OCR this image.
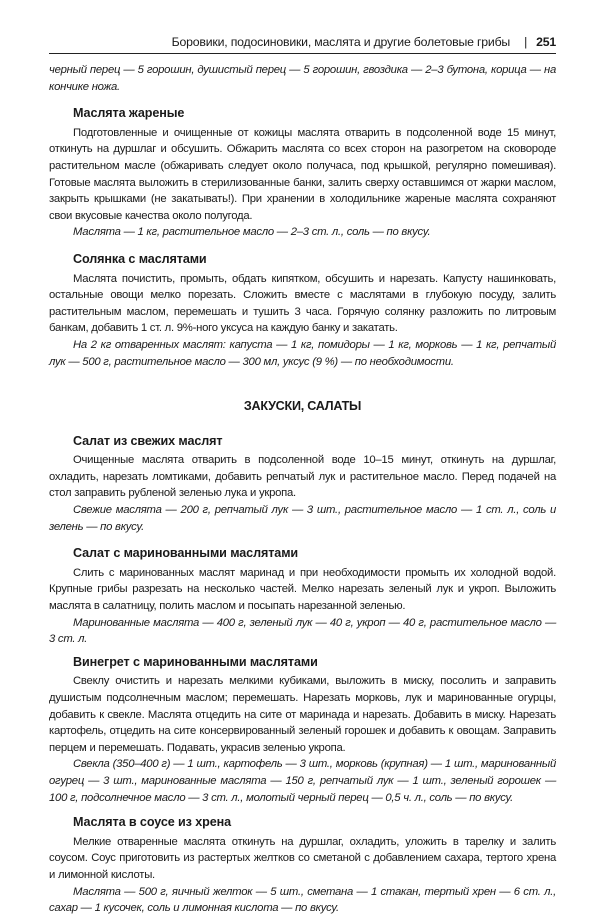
Боровики, подосиновики, маслята и другие болетовые грибы | 251

черный перец — 5 горошин, душистый перец — 5 горошин, гвоздика — 2–3 бутона, корица — на кончике ножа.

Маслята жареные

Подготовленные и очищенные от кожицы маслята отварить в подсоленной воде 15 минут, откинуть на дуршлаг и обсушить. Обжарить маслята со всех сторон на разогретом на сковороде растительном масле (обжаривать следует около получаса, под крышкой, регулярно помешивая). Готовые маслята выложить в стерилизованные банки, залить сверху оставшимся от жарки маслом, закрыть крышками (не закатывать!). При хранении в холодильнике жареные маслята сохраняют свои вкусовые качества около полугода.

Маслята — 1 кг, растительное масло — 2–3 ст. л., соль — по вкусу.

Солянка с маслятами

Маслята почистить, промыть, обдать кипятком, обсушить и нарезать. Капусту нашинковать, остальные овощи мелко порезать. Сложить вместе с маслятами в глубокую посуду, залить растительным маслом, перемешать и тушить 3 часа. Горячую солянку разложить по литровым банкам, добавить 1 ст. л. 9%-ного уксуса на каждую банку и закатать.

На 2 кг отваренных маслят: капуста — 1 кг, помидоры — 1 кг, морковь — 1 кг, репчатый лук — 500 г, растительное масло — 300 мл, уксус (9 %) — по необходимости.

ЗАКУСКИ, САЛАТЫ
Салат из свежих маслят

Очищенные маслята отварить в подсоленной воде 10–15 минут, откинуть на дуршлаг, охладить, нарезать ломтиками, добавить репчатый лук и растительное масло. Перед подачей на стол заправить рубленой зеленью лука и укропа.

Свежие маслята — 200 г, репчатый лук — 3 шт., растительное масло — 1 ст. л., соль и зелень — по вкусу.

Салат с маринованными маслятами

Слить с маринованных маслят маринад и при необходимости промыть их холодной водой. Крупные грибы разрезать на несколько частей. Мелко нарезать зеленый лук и укроп. Выложить маслята в салатницу, полить маслом и посыпать нарезанной зеленью.

Маринованные маслята — 400 г, зеленый лук — 40 г, укроп — 40 г, растительное масло — 3 ст. л.

Винегрет с маринованными маслятами

Свеклу очистить и нарезать мелкими кубиками, выложить в миску, посолить и заправить душистым подсолнечным маслом; перемешать. Нарезать морковь, лук и маринованные огурцы, добавить к свекле. Маслята отцедить на сите от маринада и нарезать. Добавить в миску. Нарезать картофель, отцедить на сите консервированный зеленый горошек и добавить к овощам. Заправить перцем и перемешать. Подавать, украсив зеленью укропа.

Свекла (350–400 г) — 1 шт., картофель — 3 шт., морковь (крупная) — 1 шт., маринованный огурец — 3 шт., маринованные маслята — 150 г, репчатый лук — 1 шт., зеленый горошек — 100 г, подсолнечное масло — 3 ст. л., молотый черный перец — 0,5 ч. л., соль — по вкусу.

Маслята в соусе из хрена

Мелкие отваренные маслята откинуть на дуршлаг, охладить, уложить в тарелку и залить соусом. Соус приготовить из растертых желтков со сметаной с добавлением сахара, тертого хрена и лимонной кислоты.

Маслята — 500 г, яичный желток — 5 шт., сметана — 1 стакан, тертый хрен — 6 ст. л., сахар — 1 кусочек, соль и лимонная кислота — по вкусу.
